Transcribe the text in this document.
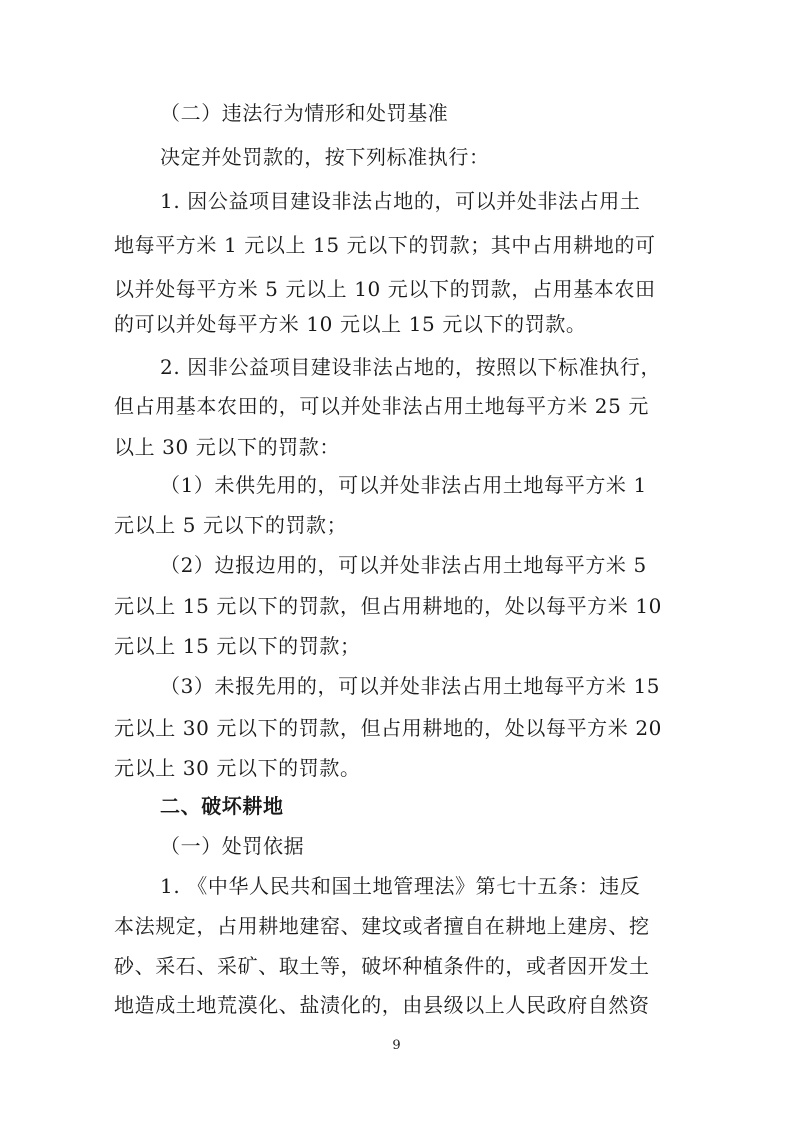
（二）违法行为情形和处罚基准
决定并处罚款的，按下列标准执行：
1. 因公益项目建设非法占地的，可以并处非法占用土
地每平方米 1 元以上 15 元以下的罚款；其中占用耕地的可
以并处每平方米 5 元以上 10 元以下的罚款，占用基本农田
的可以并处每平方米 10 元以上 15 元以下的罚款。
2. 因非公益项目建设非法占地的，按照以下标准执行，
但占用基本农田的，可以并处非法占用土地每平方米 25 元
以上 30 元以下的罚款：
（1）未供先用的，可以并处非法占用土地每平方米 1
元以上 5 元以下的罚款；
（2）边报边用的，可以并处非法占用土地每平方米 5
元以上 15 元以下的罚款，但占用耕地的，处以每平方米 10
元以上 15 元以下的罚款；
（3）未报先用的，可以并处非法占用土地每平方米 15
元以上 30 元以下的罚款，但占用耕地的，处以每平方米 20
元以上 30 元以下的罚款。
二、破坏耕地
（一）处罚依据
1. 《中华人民共和国土地管理法》第七十五条：违反
本法规定，占用耕地建窑、建坟或者擅自在耕地上建房、挖
砂、采石、采矿、取土等，破坏种植条件的，或者因开发土
地造成土地荒漠化、盐渍化的，由县级以上人民政府自然资
9
